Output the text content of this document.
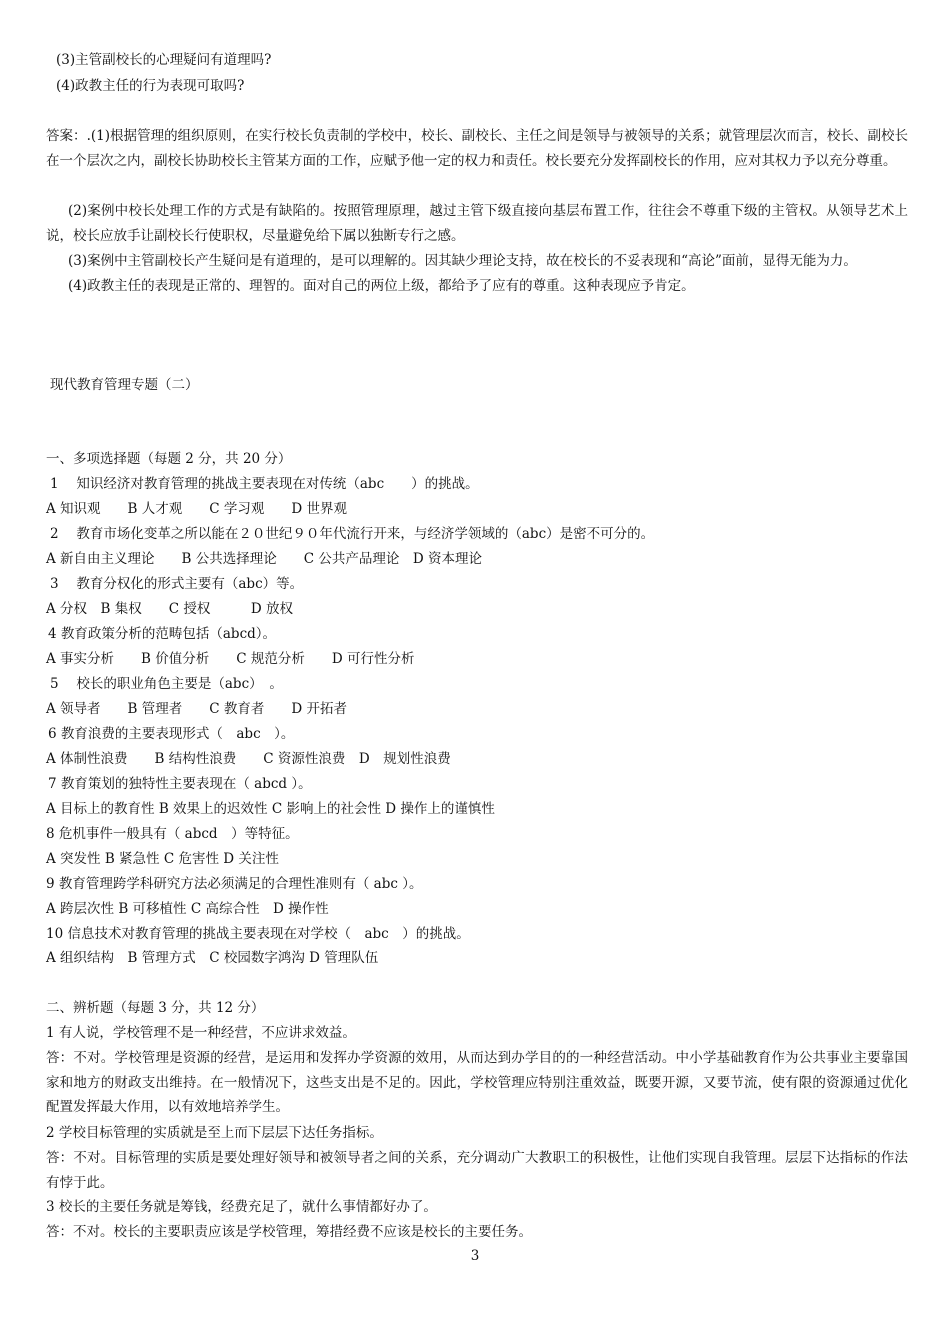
(3)主管副校长的心理疑问有道理吗?
(4)政教主任的行为表现可取吗?
答案：.(1)根据管理的组织原则，在实行校长负责制的学校中，校长、副校长、主任之间是领导与被领导的关系；就管理层次而言，校长、副校长在一个层次之内，副校长协助校长主管某方面的工作，应赋予他一定的权力和责任。校长要充分发挥副校长的作用，应对其权力予以充分尊重。
(2)案例中校长处理工作的方式是有缺陷的。按照管理原理，越过主管下级直接向基层布置工作，往往会不尊重下级的主管权。从领导艺术上说，校长应放手让副校长行使职权，尽量避免给下属以独断专行之感。
(3)案例中主管副校长产生疑问是有道理的，是可以理解的。因其缺少理论支持，故在校长的不妥表现和“高论”面前，显得无能为力。
(4)政教主任的表现是正常的、理智的。面对自己的两位上级，都给予了应有的尊重。这种表现应予肯定。
现代教育管理专题（二）
一、多项选择题（每题 2 分，共 20 分）
1　 知识经济对教育管理的挑战主要表现在对传统（abc　　）的挑战。
A 知识观　　B 人才观　　C 学习观　　D 世界观
2　 教育市场化变革之所以能在２０世纪９０年代流行开来，与经济学领域的（abc）是密不可分的。
A 新自由主义理论　　B 公共选择理论　　C 公共产品理论　D 资本理论
3　 教育分权化的形式主要有（abc）等。
A 分权　B 集权　　C 授权　　　D 放权
4 教育政策分析的范畴包括（abcd）。
A 事实分析　　B 价值分析　　C 规范分析　　D 可行性分析
5　 校长的职业角色主要是（abc）　。
A 领导者　　B 管理者　　C 教育者　　D 开拓者
6 教育浪费的主要表现形式（　abc　）。
A 体制性浪费　　B 结构性浪费　　C 资源性浪费　D　规划性浪费
7 教育策划的独特性主要表现在（ abcd ）。
A 目标上的教育性 B 效果上的迟效性 C 影响上的社会性 D 操作上的谨慎性
8 危机事件一般具有（ abcd　）等特征。
A 突发性 B 紧急性 C 危害性 D 关注性
9 教育管理跨学科研究方法必须满足的合理性准则有（ abc ）。
A 跨层次性 B 可移植性 C 高综合性　D 操作性
10 信息技术对教育管理的挑战主要表现在对学校（　abc　）的挑战。
A 组织结构　B 管理方式　C 校园数字鸿沟 D 管理队伍
二、辨析题（每题 3 分，共 12 分）
1 有人说，学校管理不是一种经营，不应讲求效益。
答：不对。学校管理是资源的经营，是运用和发挥办学资源的效用，从而达到办学目的的一种经营活动。中小学基础教育作为公共事业主要靠国家和地方的财政支出维持。在一般情况下，这些支出是不足的。因此，学校管理应特别注重效益，既要开源，又要节流，使有限的资源通过优化配置发挥最大作用，以有效地培养学生。
2 学校目标管理的实质就是至上而下层层下达任务指标。
答：不对。目标管理的实质是要处理好领导和被领导者之间的关系，充分调动广大教职工的积极性，让他们实现自我管理。层层下达指标的作法有悖于此。
3 校长的主要任务就是筹钱，经费充足了，就什么事情都好办了。
答：不对。校长的主要职责应该是学校管理，筹措经费不应该是校长的主要任务。
3
